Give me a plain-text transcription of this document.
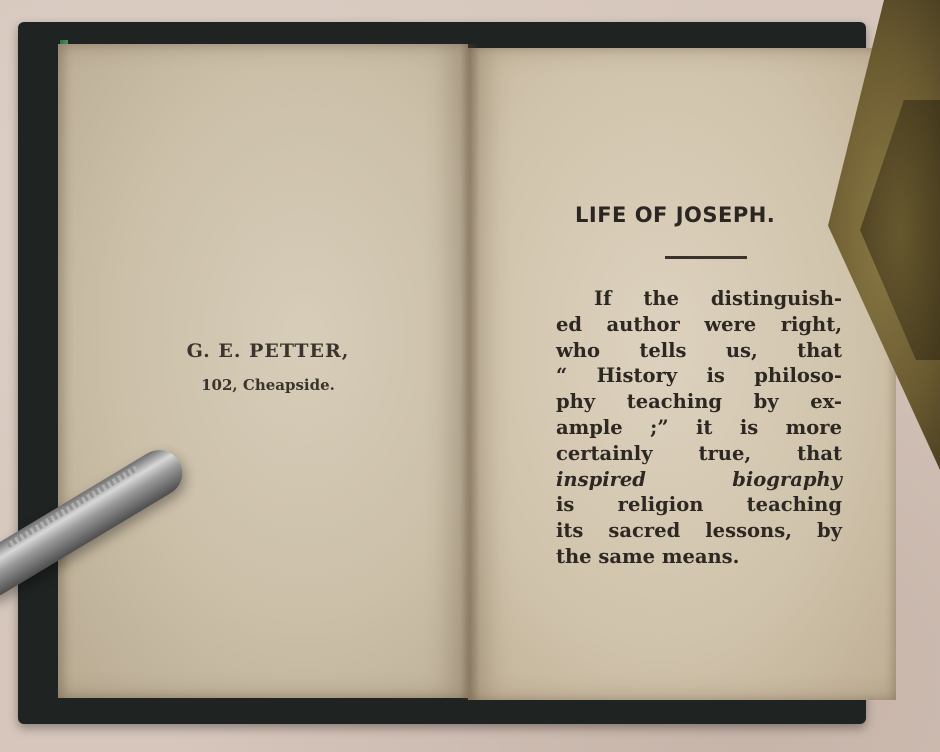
G. E. PETTER,
102, Cheapside.
LIFE OF JOSEPH.
If the distinguish-
ed author were right,
who tells us, that
“ History is philoso-
phy teaching by ex-
ample ;” it is more
certainly true, that
inspired biography
is religion teaching
its sacred lessons, by
the same means.
